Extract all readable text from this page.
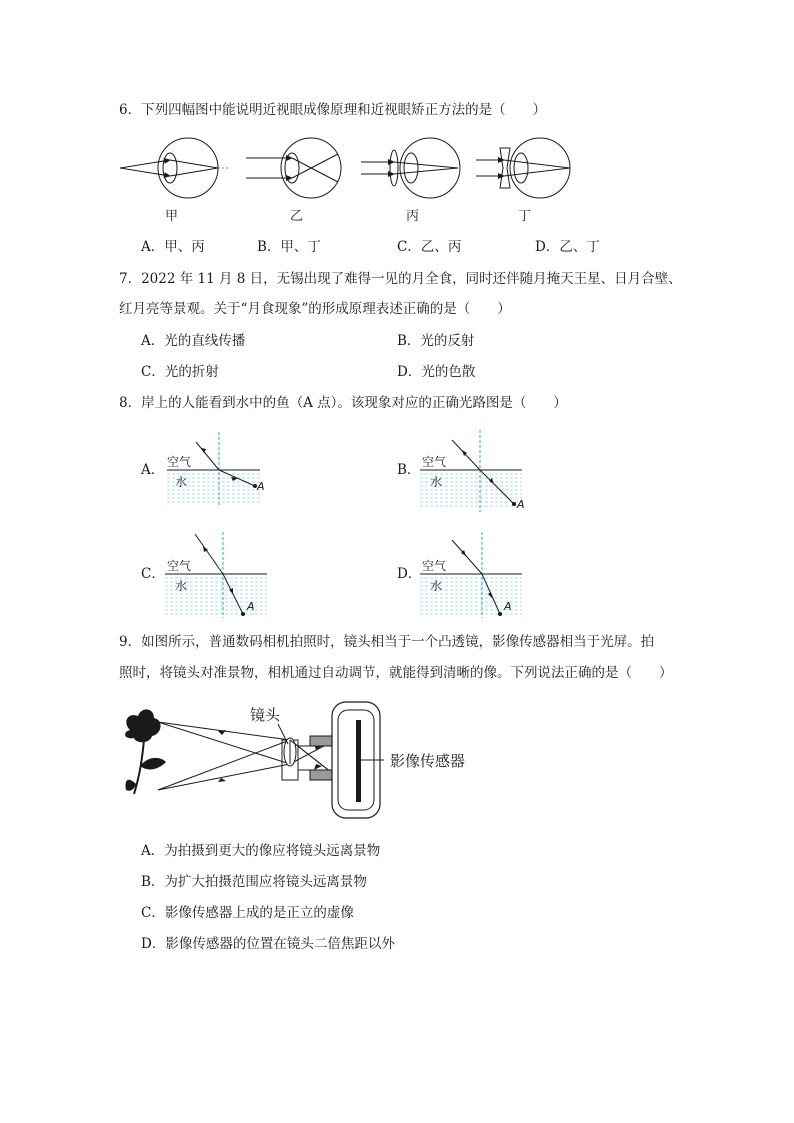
6．下列四幅图中能说明近视眼成像原理和近视眼矫正方法的是（　　）
甲	乙	丙	丁
A．甲、丙	B．甲、丁	C．乙、丙	D．乙、丁
7．2022 年 11 月 8 日，无锡出现了难得一见的月全食，同时还伴随月掩天王星、日月合壁、
红月亮等景观。关于“月食现象”的形成原理表述正确的是（　　）
A．光的直线传播	B．光的反射
C．光的折射	D．光的色散
8．岸上的人能看到水中的鱼（A 点）。该现象对应的正确光路图是（　　）
A． 空气
水	A
B． 空气
水
A
C． 空气
水
A
D． 空气
水
A
9．如图所示，普通数码相机拍照时，镜头相当于一个凸透镜，影像传感器相当于光屏。拍
照时，将镜头对准景物，相机通过自动调节，就能得到清晰的像。下列说法正确的是（　　）
镜头
影像传感器
A．为拍摄到更大的像应将镜头远离景物
B．为扩大拍摄范围应将镜头远离景物
C．影像传感器上成的是正立的虚像
D．影像传感器的位置在镜头二倍焦距以外
